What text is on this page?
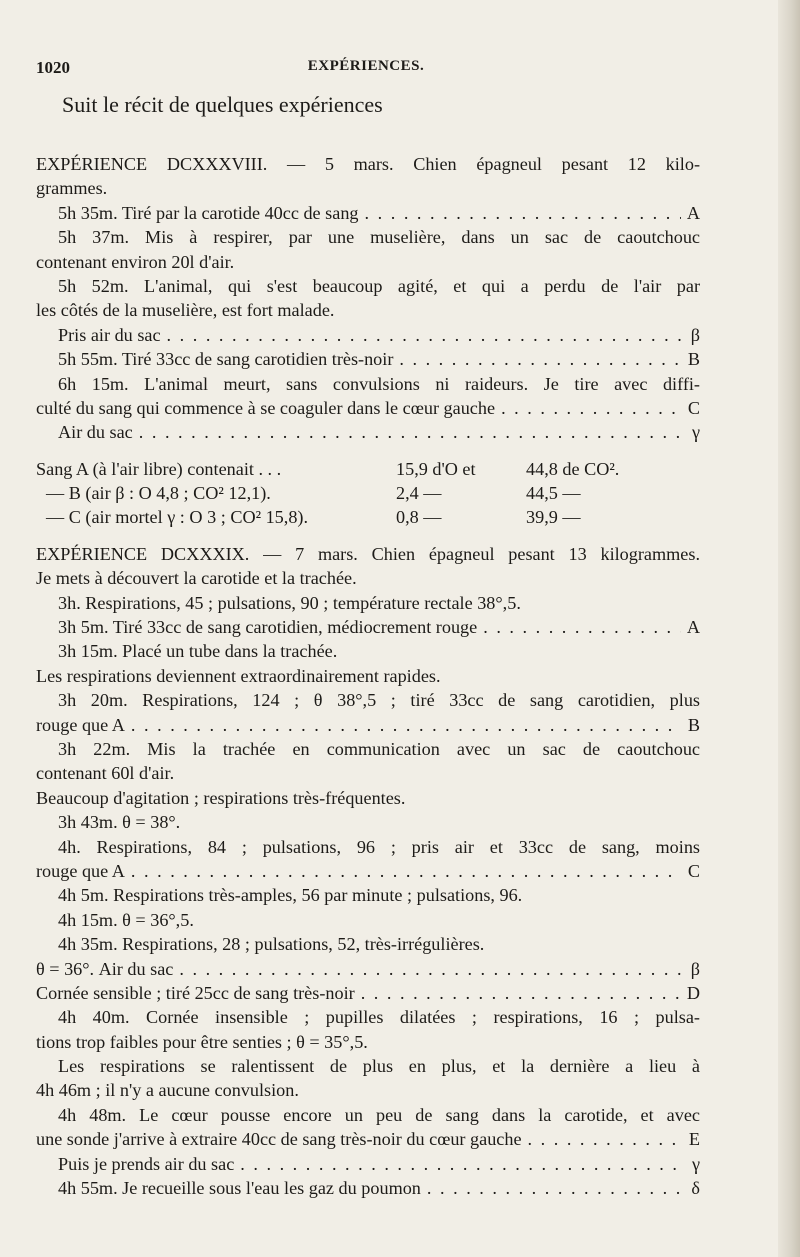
1020	EXPÉRIENCES.
Suit le récit de quelques expériences
EXPÉRIENCE DCXXXVIII. — 5 mars. Chien épagneul pesant 12 kilo-
grammes.
5h 35m. Tiré par la carotide 40cc de sang . . .	A
5h 37m. Mis à respirer, par une muselière, dans un sac de caoutchouc
contenant environ 20l d'air.
5h 52m. L'animal, qui s'est beaucoup agité, et qui a perdu de l'air par
les côtés de la muselière, est fort malade.
Pris air du sac . . .	β
5h 55m. Tiré 33cc de sang carotidien très-noir . . .	B
6h 15m. L'animal meurt, sans convulsions ni raideurs. Je tire avec diffi-
culté du sang qui commence à se coaguler dans le cœur gauche . . .	C
Air du sac . . .	γ
Sang A (à l'air libre) contenait . . .	15,9 d'O et	44,8 de CO².
— B (air β : O 4,8 ; CO² 12,1).	2,4 —	44,5 —
— C (air mortel γ : O 3 ; CO² 15,8).	0,8 —	39,9 —
EXPÉRIENCE DCXXXIX. — 7 mars. Chien épagneul pesant 13 kilogrammes.
Je mets à découvert la carotide et la trachée.
3h. Respirations, 45 ; pulsations, 90 ; température rectale 38°,5.
3h 5m. Tiré 33cc de sang carotidien, médiocrement rouge . . .	A
3h 15m. Placé un tube dans la trachée.
Les respirations deviennent extraordinairement rapides.
3h 20m. Respirations, 124 ; θ 38°,5 ; tiré 33cc de sang carotidien, plus
rouge que A . . .	B
3h 22m. Mis la trachée en communication avec un sac de caoutchouc
contenant 60l d'air.
Beaucoup d'agitation ; respirations très-fréquentes.
3h 43m. θ = 38°.
4h. Respirations, 84 ; pulsations, 96 ; pris air et 33cc de sang, moins
rouge que A . . .	C
4h 5m. Respirations très-amples, 56 par minute ; pulsations, 96.
4h 15m. θ = 36°,5.
4h 35m. Respirations, 28 ; pulsations, 52, très-irrégulières.
θ = 36°. Air du sac . . .	β
Cornée sensible ; tiré 25cc de sang très-noir . . .	D
4h 40m. Cornée insensible ; pupilles dilatées ; respirations, 16 ; pulsa-
tions trop faibles pour être senties ; θ = 35°,5.
Les respirations se ralentissent de plus en plus, et la dernière a lieu à
4h 46m ; il n'y a aucune convulsion.
4h 48m. Le cœur pousse encore un peu de sang dans la carotide, et avec
une sonde j'arrive à extraire 40cc de sang très-noir du cœur gauche . . .	E
Puis je prends air du sac . . .	γ
4h 55m. Je recueille sous l'eau les gaz du poumon . . .	δ
